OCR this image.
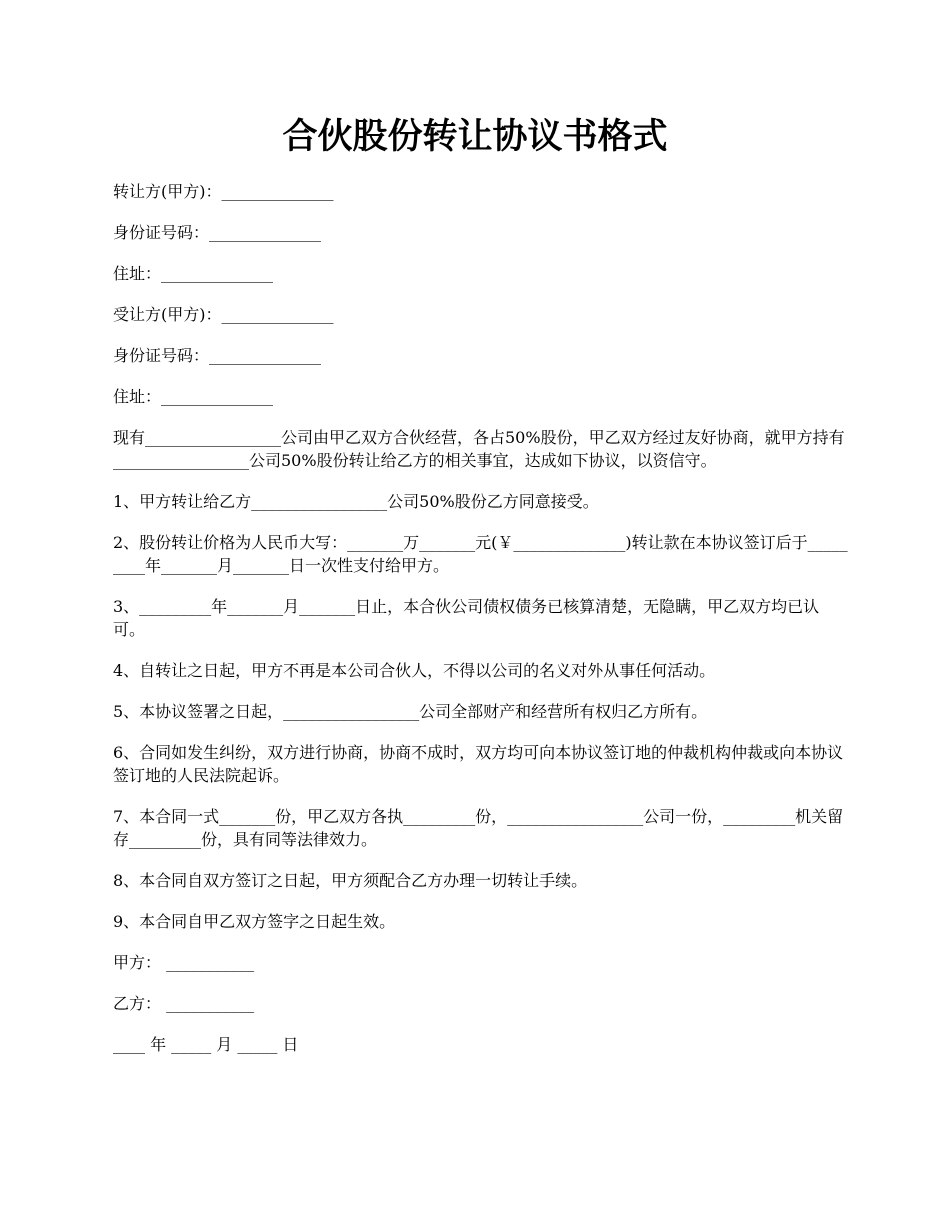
合伙股份转让协议书格式

转让方(甲方)：______________

身份证号码：______________

住址：______________

受让方(甲方)：______________

身份证号码：______________

住址：______________

现有_________________公司由甲乙双方合伙经营，各占50%股份，甲乙双方经过友好协商，就甲方持有_________________公司50%股份转让给乙方的相关事宜，达成如下协议，以资信守。

1、甲方转让给乙方_________________公司50%股份乙方同意接受。

2、股份转让价格为人民币大写：_______万_______元(￥______________)转让款在本协议签订后于_________年_______月_______日一次性支付给甲方。

3、_________年_______月_______日止，本合伙公司债权债务已核算清楚，无隐瞒，甲乙双方均已认可。

4、自转让之日起，甲方不再是本公司合伙人，不得以公司的名义对外从事任何活动。

5、本协议签署之日起，_________________公司全部财产和经营所有权归乙方所有。

6、合同如发生纠纷，双方进行协商，协商不成时，双方均可向本协议签订地的仲裁机构仲裁或向本协议签订地的人民法院起诉。

7、本合同一式_______份，甲乙双方各执_________份，_________________公司一份，_________机关留存_________份，具有同等法律效力。

8、本合同自双方签订之日起，甲方须配合乙方办理一切转让手续。

9、本合同自甲乙双方签字之日起生效。

甲方： ___________

乙方： ___________

____ 年 _____ 月 _____ 日
